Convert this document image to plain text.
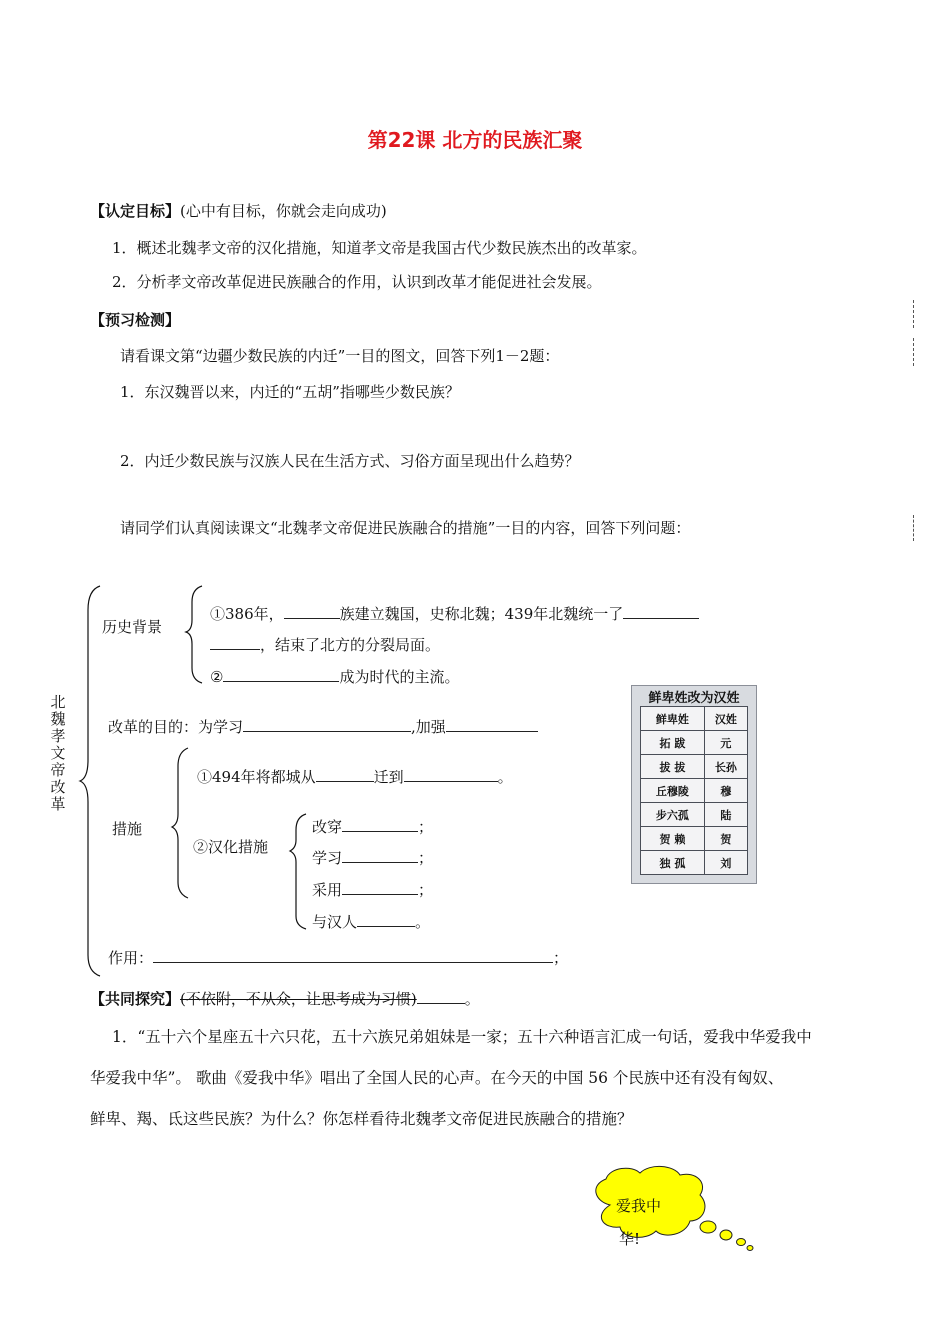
第22课 北方的民族汇聚
【认定目标】(心中有目标，你就会走向成功)
1．概述北魏孝文帝的汉化措施，知道孝文帝是我国古代少数民族杰出的改革家。
2．分析孝文帝改革促进民族融合的作用，认识到改革才能促进社会发展。
【预习检测】
请看课文第“边疆少数民族的内迁”一目的图文，回答下列1－2题：
1．东汉魏晋以来，内迁的“五胡”指哪些少数民族？
2．内迁少数民族与汉族人民在生活方式、习俗方面呈现出什么趋势？
请同学们认真阅读课文“北魏孝文帝促进民族融合的措施”一目的内容，回答下列问题：
北魏孝文帝改革
历史背景
①386年，	族建立魏国，史称北魏；439年北魏统一了
，结束了北方的分裂局面。
②	成为时代的主流。
改革的目的：为学习	,加强
①494年将都城从	迁到	。
措施
②汉化措施
改穿	；
学习	；
采用	；
与汉人	。
作用：	；
鲜卑姓改为汉姓
鲜卑姓	汉姓
拓 跋	元
拔 拔	长孙
丘穆陵	穆
步六孤	陆
贺 赖	贺
独 孤	刘
【共同探究】(不依附，不从众，让思考成为习惯)	。
1．“五十六个星座五十六只花，五十六族兄弟姐妹是一家；五十六种语言汇成一句话，爱我中华爱我中
华爱我中华”。 歌曲《爱我中华》唱出了全国人民的心声。在今天的中国 56 个民族中还有没有匈奴、
鲜卑、羯、氐这些民族？为什么？你怎样看待北魏孝文帝促进民族融合的措施？
爱我中
华!
